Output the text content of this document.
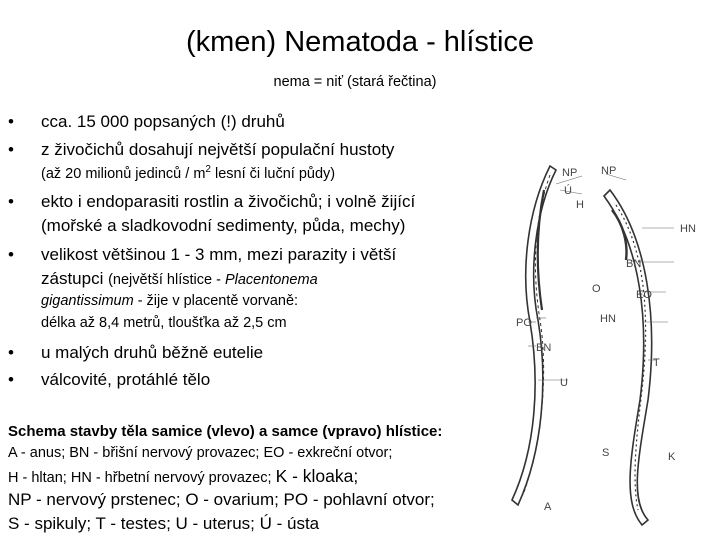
(kmen) Nematoda - hlístice
nema = niť (stará řečtina)
• cca. 15 000 popsaných (!) druhů
• z živočichů dosahují největší populační hustoty
(až 20 milionů jedinců / $m^2$ lesní či luční půdy)
• ekto i endoparasiti rostlin a živočichů; i volně žijící
(mořské a sladkovodní sedimenty, půda, mechy)
• velikost většinou 1 - 3 mm, mezi parazity i větší
zástupci (největší hlístice - Placentonema
gigantissimum - žije v placentě vorvaně:
délka až 8,4 metrů, tloušťka až 2,5 cm
• u malých druhů běžně eutelie
• válcovité, protáhlé tělo
Schema stavby těla samice (vlevo) a samce (vpravo) hlístice:
A - anus; BN - břišní nervový provazec; EO - exkreční otvor;
H - hltan; HN - hřbetní nervový provazec; K - kloaka;
NP - nervový prstenec; O - ovarium; PO - pohlavní otvor;
S - spikuly; T - testes; U - uterus; Ú - ústa
NP
Ú
H
NP
HN
BN
EO
O
HN
PO
BN
T
U
S	K
A
